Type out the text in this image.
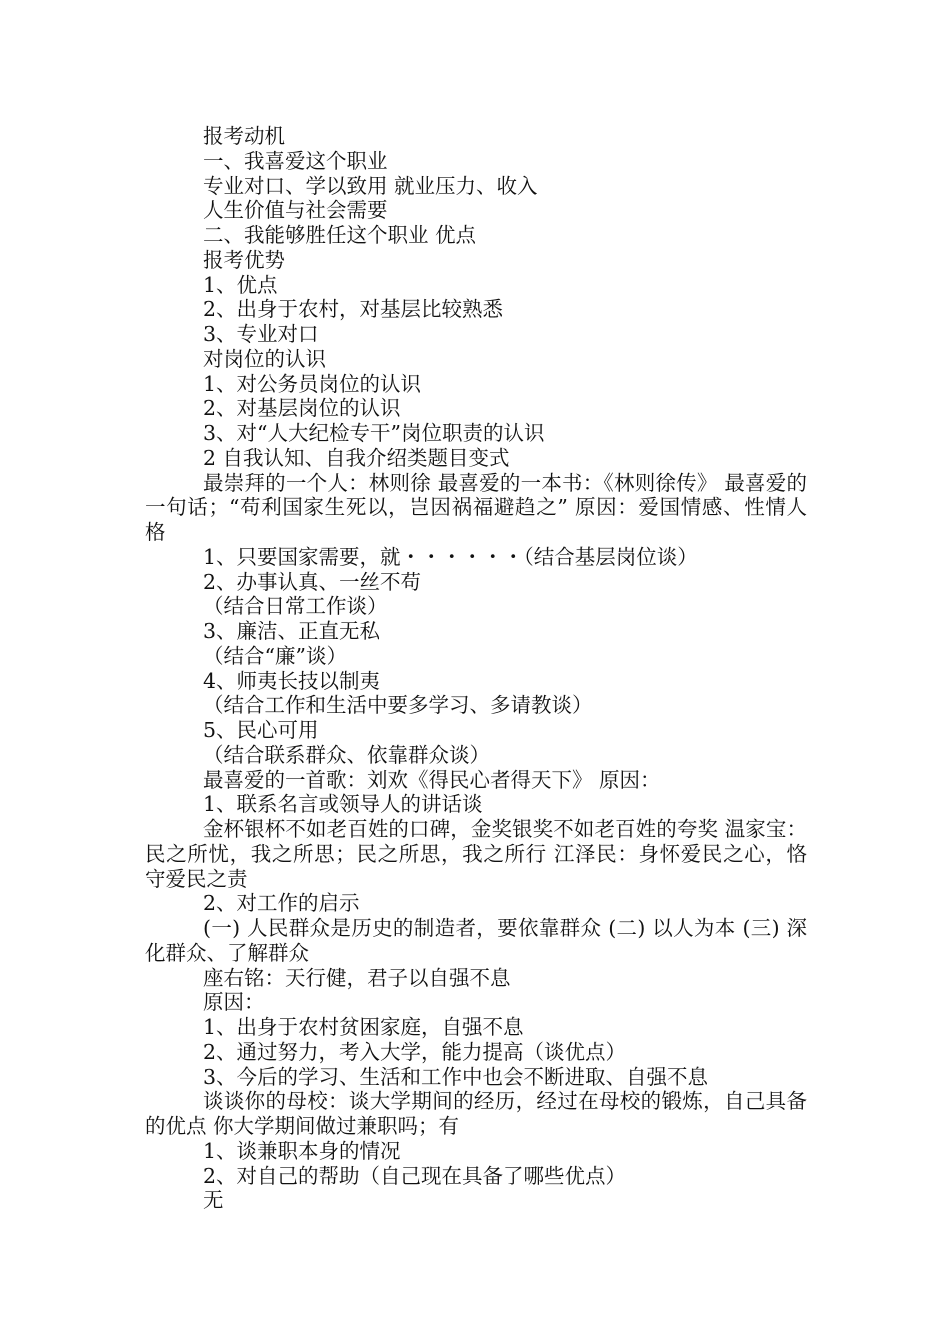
报考动机

一、我喜爱这个职业

专业对口、学以致用 就业压力、收入

人生价值与社会需要

二、我能够胜任这个职业 优点

报考优势

1、优点

2、出身于农村，对基层比较熟悉

3、专业对口

对岗位的认识

1、对公务员岗位的认识

2、对基层岗位的认识

3、对“人大纪检专干”岗位职责的认识

2 自我认知、自我介绍类题目变式

最崇拜的一个人：林则徐 最喜爱的一本书：《林则徐传》 最喜爱的一句话；“苟利国家生死以，岂因祸福避趋之” 原因：爱国情感、性情人格

1、只要国家需要，就・・・・・・（结合基层岗位谈）

2、办事认真、一丝不苟

（结合日常工作谈）

3、廉洁、正直无私

（结合“廉”谈）

4、师夷长技以制夷

（结合工作和生活中要多学习、多请教谈）

5、民心可用

（结合联系群众、依靠群众谈）

最喜爱的一首歌：刘欢《得民心者得天下》 原因：

1、联系名言或领导人的讲话谈

金杯银杯不如老百姓的口碑，金奖银奖不如老百姓的夸奖 温家宝：民之所忧，我之所思；民之所思，我之所行 江泽民：身怀爱民之心，恪守爱民之责

2、对工作的启示

(一) 人民群众是历史的制造者，要依靠群众 (二) 以人为本 (三) 深化群众、了解群众

座右铭：天行健，君子以自强不息

原因：

1、出身于农村贫困家庭，自强不息

2、通过努力，考入大学，能力提高（谈优点）

3、今后的学习、生活和工作中也会不断进取、自强不息

谈谈你的母校：谈大学期间的经历，经过在母校的锻炼，自己具备的优点 你大学期间做过兼职吗；有

1、谈兼职本身的情况

2、对自己的帮助（自己现在具备了哪些优点）

无
